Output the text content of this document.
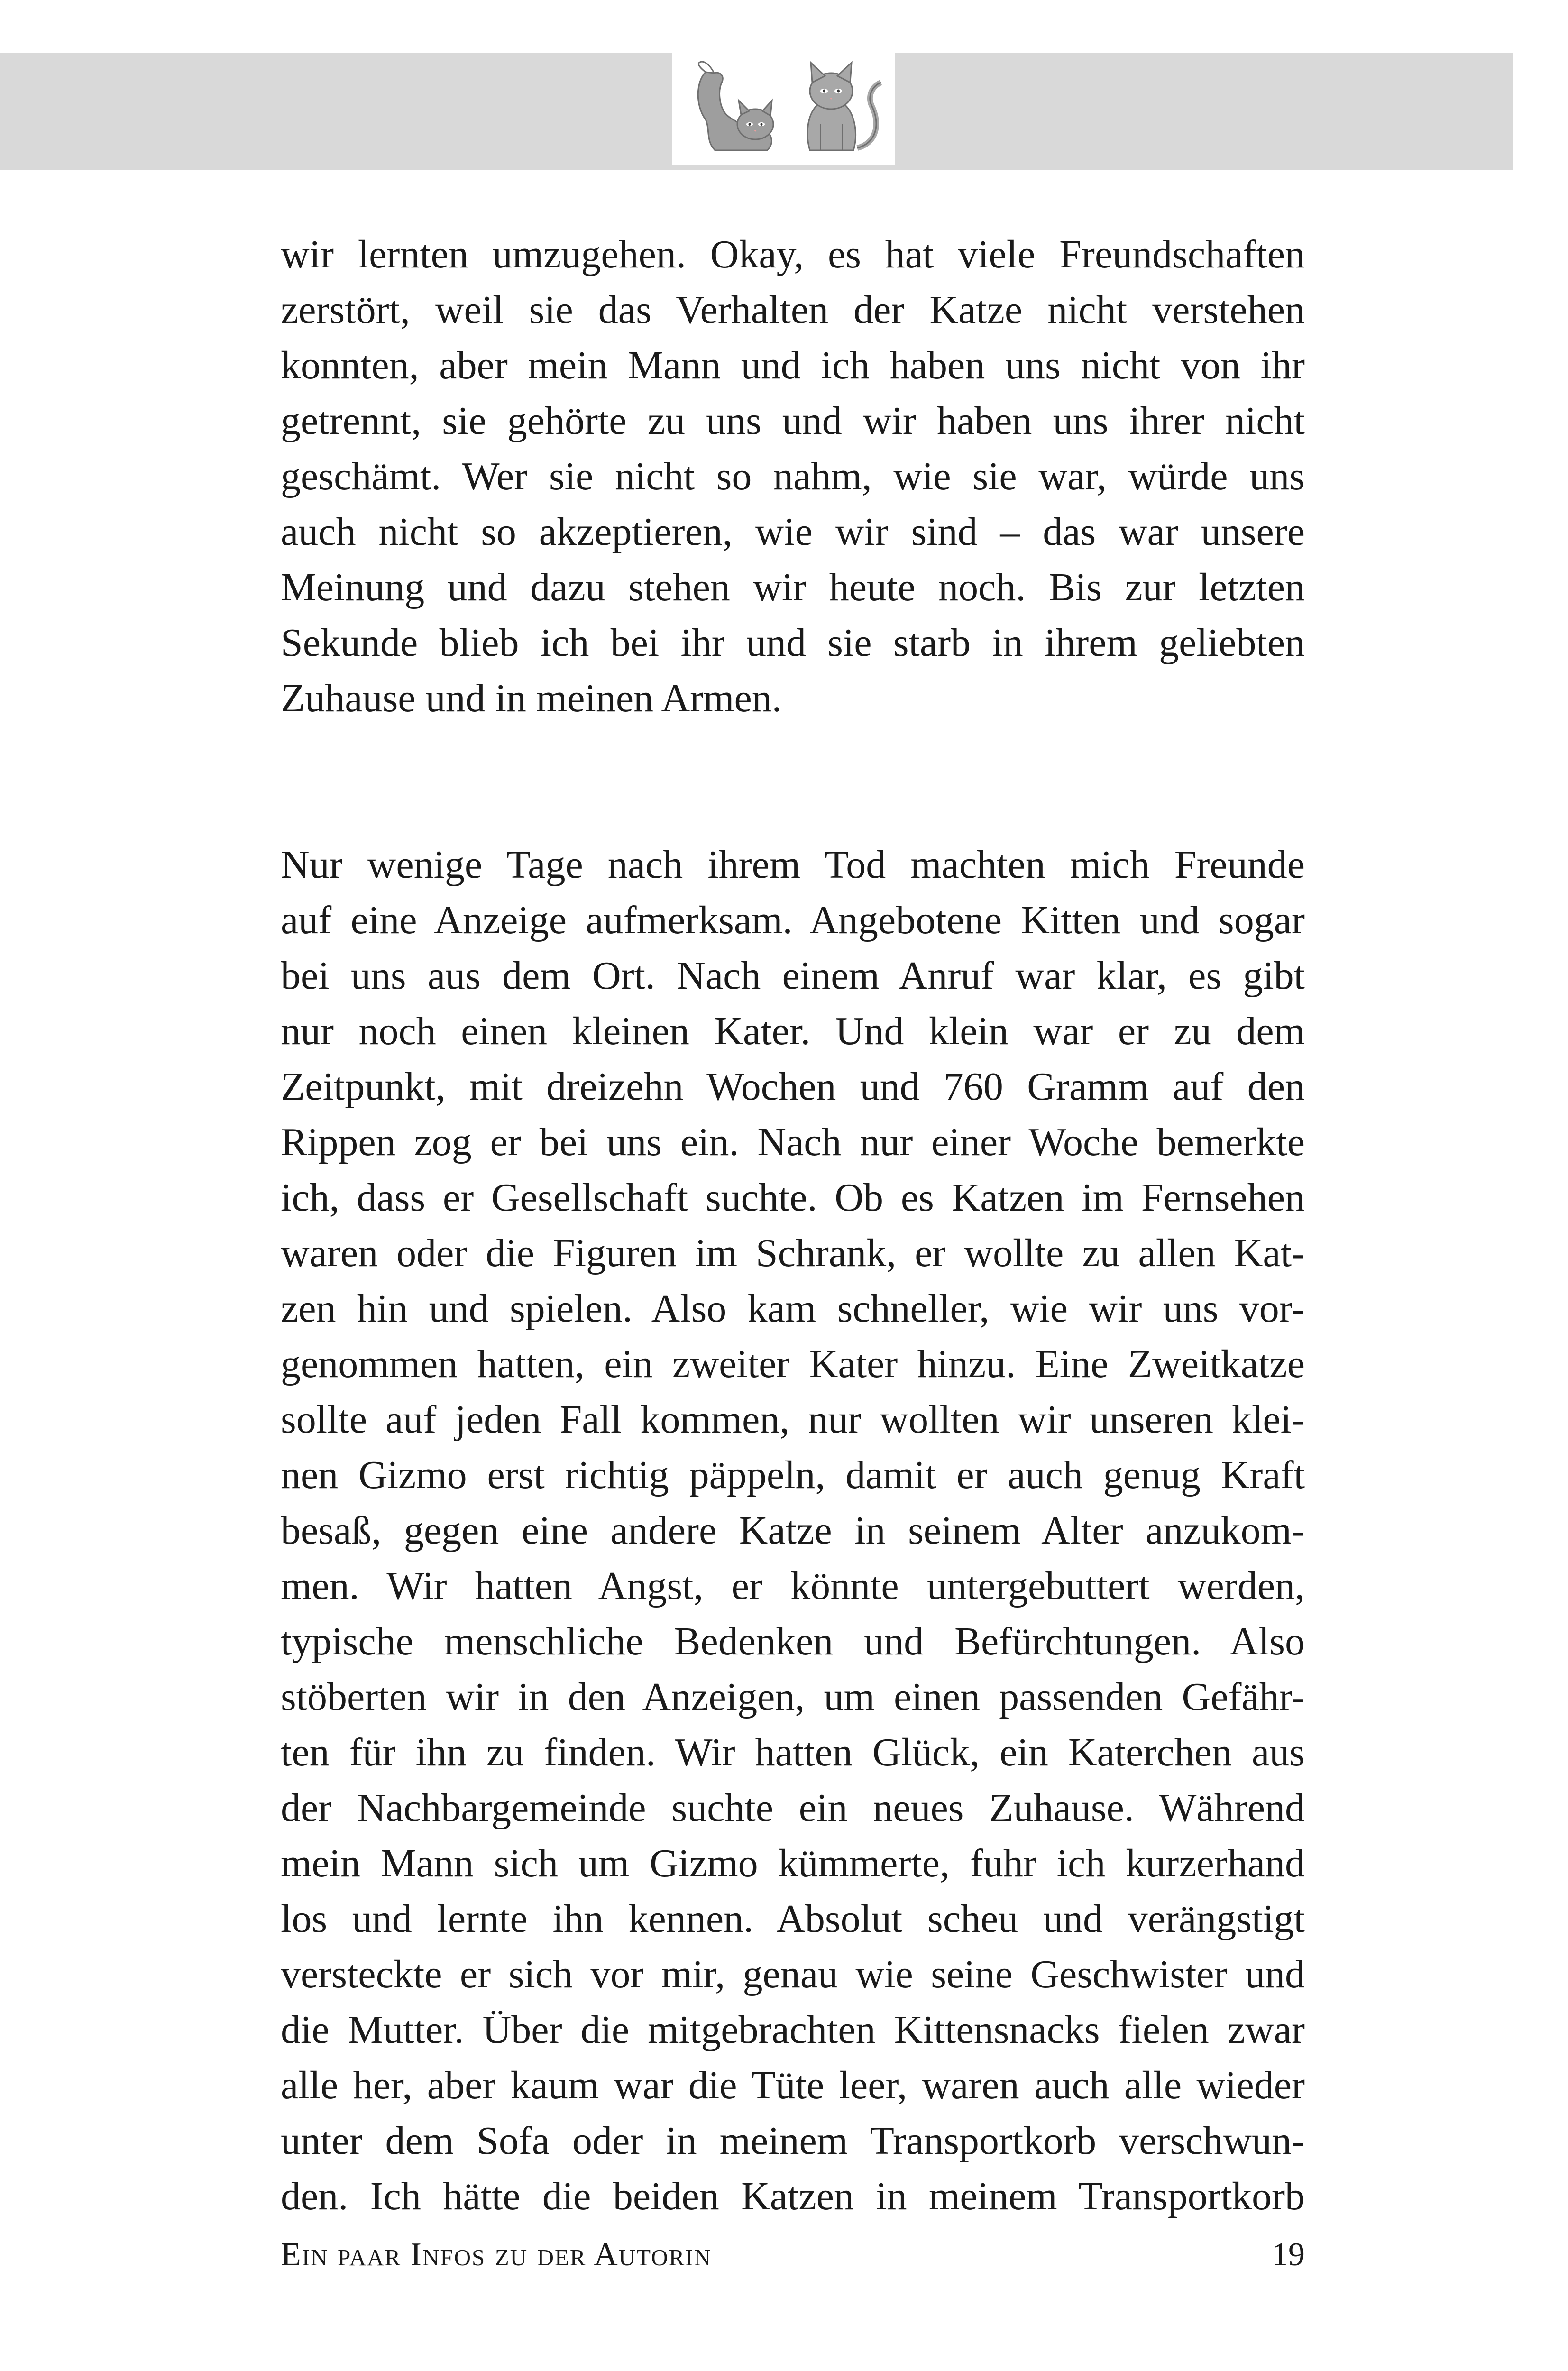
wir lernten umzugehen. Okay, es hat viele Freundschaften
zerstört, weil sie das Verhalten der Katze nicht verstehen
konnten, aber mein Mann und ich haben uns nicht von ihr
getrennt, sie gehörte zu uns und wir haben uns ihrer nicht
geschämt. Wer sie nicht so nahm, wie sie war, würde uns
auch nicht so akzeptieren, wie wir sind – das war unsere
Meinung und dazu stehen wir heute noch. Bis zur letzten
Sekunde blieb ich bei ihr und sie starb in ihrem geliebten
Zuhause und in meinen Armen.

Nur wenige Tage nach ihrem Tod machten mich Freunde
auf eine Anzeige aufmerksam. Angebotene Kitten und sogar
bei uns aus dem Ort. Nach einem Anruf war klar, es gibt
nur noch einen kleinen Kater. Und klein war er zu dem
Zeitpunkt, mit dreizehn Wochen und 760 Gramm auf den
Rippen zog er bei uns ein. Nach nur einer Woche bemerkte
ich, dass er Gesellschaft suchte. Ob es Katzen im Fernsehen
waren oder die Figuren im Schrank, er wollte zu allen Kat-
zen hin und spielen. Also kam schneller, wie wir uns vor-
genommen hatten, ein zweiter Kater hinzu. Eine Zweitkatze
sollte auf jeden Fall kommen, nur wollten wir unseren klei-
nen Gizmo erst richtig päppeln, damit er auch genug Kraft
besaß, gegen eine andere Katze in seinem Alter anzukom-
men. Wir hatten Angst, er könnte untergebuttert werden,
typische menschliche Bedenken und Befürchtungen. Also
stöberten wir in den Anzeigen, um einen passenden Gefähr-
ten für ihn zu finden. Wir hatten Glück, ein Katerchen aus
der Nachbargemeinde suchte ein neues Zuhause. Während
mein Mann sich um Gizmo kümmerte, fuhr ich kurzerhand
los und lernte ihn kennen. Absolut scheu und verängstigt
versteckte er sich vor mir, genau wie seine Geschwister und
die Mutter. Über die mitgebrachten Kittensnacks fielen zwar
alle her, aber kaum war die Tüte leer, waren auch alle wieder
unter dem Sofa oder in meinem Transportkorb verschwun-
den. Ich hätte die beiden Katzen in meinem Transportkorb

Ein paar Infos zu der Autorin	19
